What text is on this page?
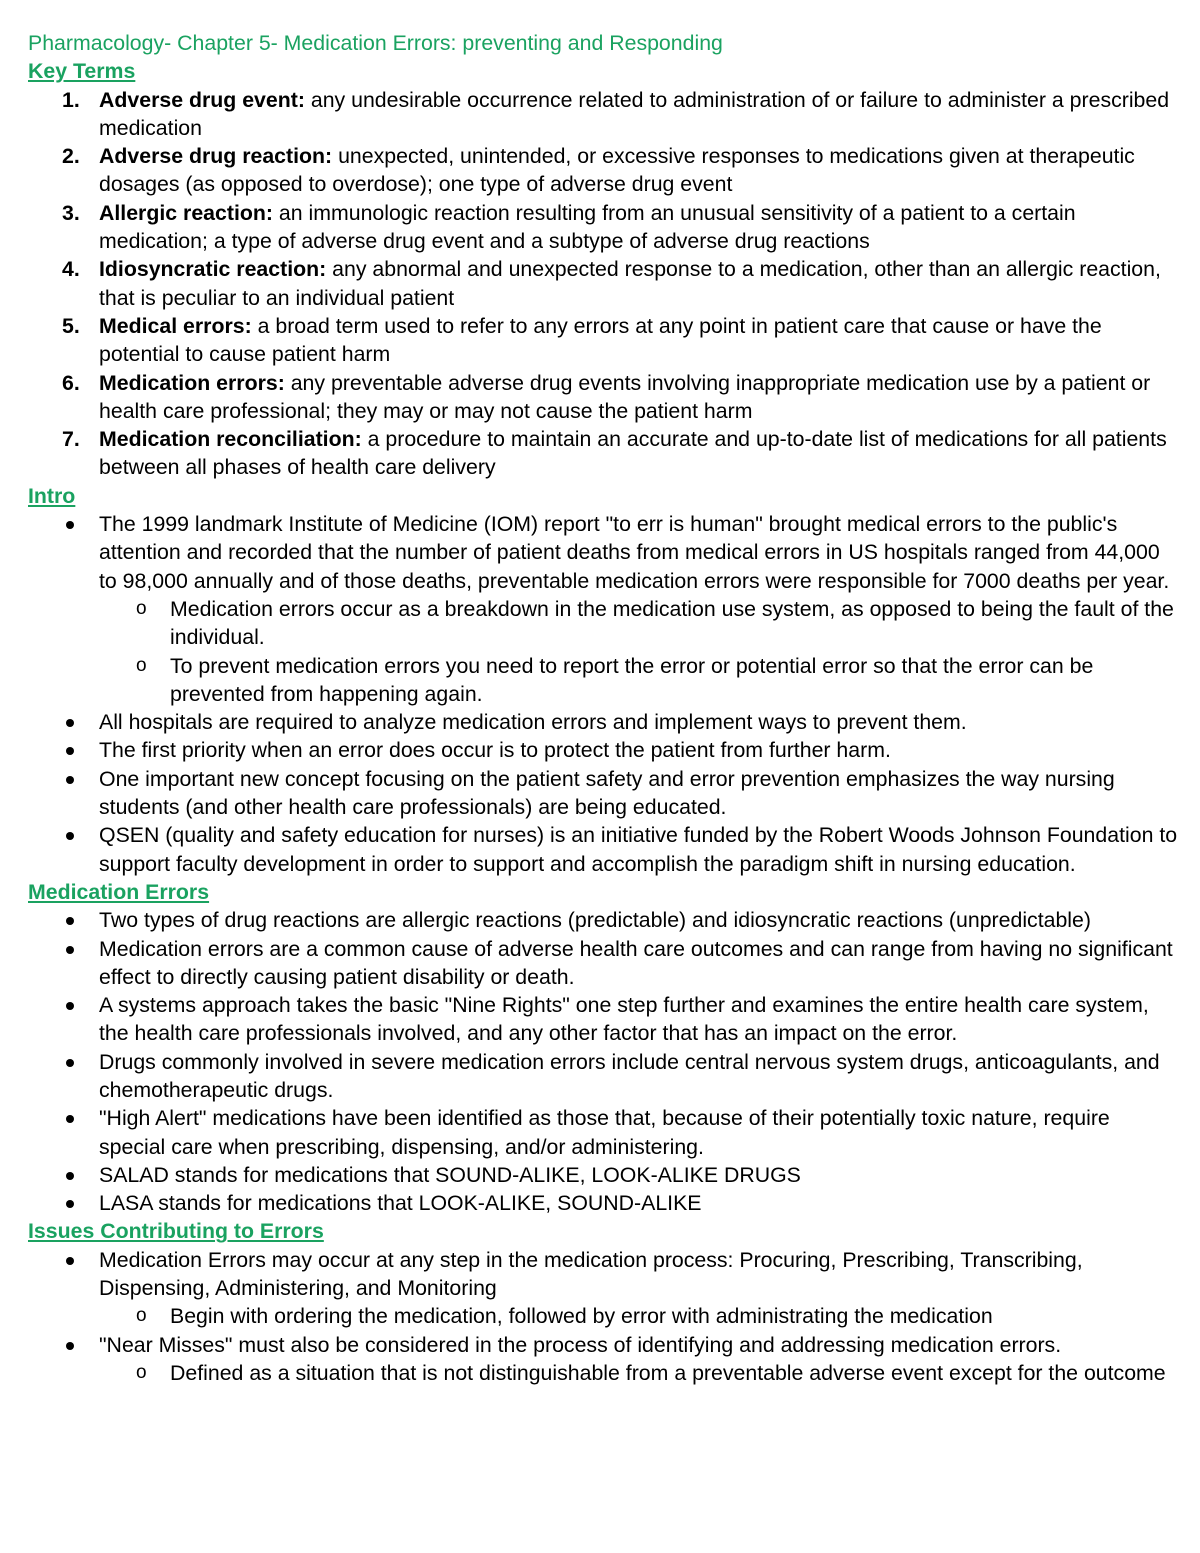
Pharmacology- Chapter 5- Medication Errors: preventing and Responding
Key Terms
1. Adverse drug event: any undesirable occurrence related to administration of or failure to administer a prescribed medication
2. Adverse drug reaction: unexpected, unintended, or excessive responses to medications given at therapeutic dosages (as opposed to overdose); one type of adverse drug event
3. Allergic reaction: an immunologic reaction resulting from an unusual sensitivity of a patient to a certain medication; a type of adverse drug event and a subtype of adverse drug reactions
4. Idiosyncratic reaction: any abnormal and unexpected response to a medication, other than an allergic reaction, that is peculiar to an individual patient
5. Medical errors: a broad term used to refer to any errors at any point in patient care that cause or have the potential to cause patient harm
6. Medication errors: any preventable adverse drug events involving inappropriate medication use by a patient or health care professional; they may or may not cause the patient harm
7. Medication reconciliation: a procedure to maintain an accurate and up-to-date list of medications for all patients between all phases of health care delivery
Intro
The 1999 landmark Institute of Medicine (IOM) report "to err is human" brought medical errors to the public's attention and recorded that the number of patient deaths from medical errors in US hospitals ranged from 44,000 to 98,000 annually and of those deaths, preventable medication errors were responsible for 7000 deaths per year.
o Medication errors occur as a breakdown in the medication use system, as opposed to being the fault of the individual.
o To prevent medication errors you need to report the error or potential error so that the error can be prevented from happening again.
All hospitals are required to analyze medication errors and implement ways to prevent them.
The first priority when an error does occur is to protect the patient from further harm.
One important new concept focusing on the patient safety and error prevention emphasizes the way nursing students (and other health care professionals) are being educated.
QSEN (quality and safety education for nurses) is an initiative funded by the Robert Woods Johnson Foundation to support faculty development in order to support and accomplish the paradigm shift in nursing education.
Medication Errors
Two types of drug reactions are allergic reactions (predictable) and idiosyncratic reactions (unpredictable)
Medication errors are a common cause of adverse health care outcomes and can range from having no significant effect to directly causing patient disability or death.
A systems approach takes the basic "Nine Rights" one step further and examines the entire health care system, the health care professionals involved, and any other factor that has an impact on the error.
Drugs commonly involved in severe medication errors include central nervous system drugs, anticoagulants, and chemotherapeutic drugs.
"High Alert" medications have been identified as those that, because of their potentially toxic nature, require special care when prescribing, dispensing, and/or administering.
SALAD stands for medications that SOUND-ALIKE, LOOK-ALIKE DRUGS
LASA stands for medications that LOOK-ALIKE, SOUND-ALIKE
Issues Contributing to Errors
Medication Errors may occur at any step in the medication process: Procuring, Prescribing, Transcribing, Dispensing, Administering, and Monitoring
o Begin with ordering the medication, followed by error with administrating the medication
"Near Misses" must also be considered in the process of identifying and addressing medication errors.
o Defined as a situation that is not distinguishable from a preventable adverse event except for the outcome
